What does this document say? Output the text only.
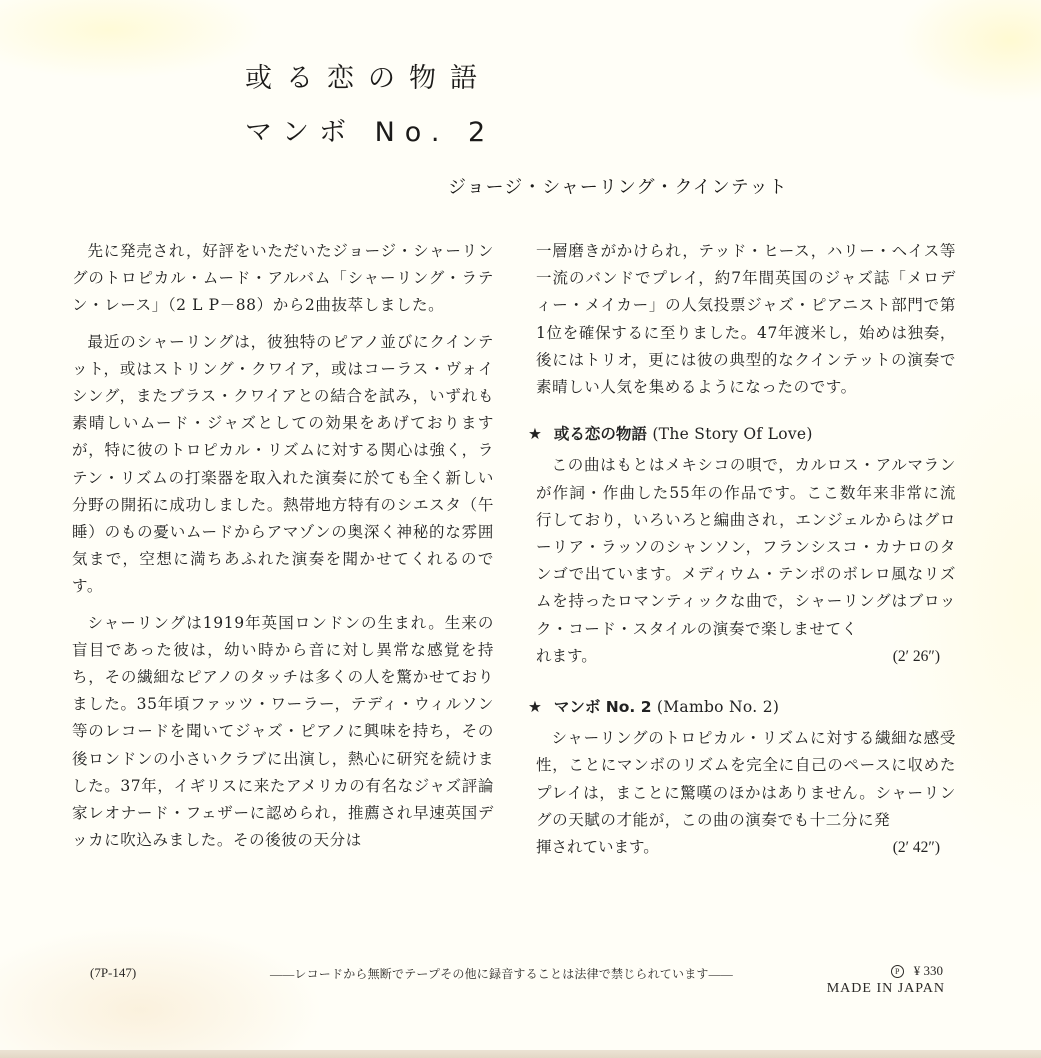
或る恋の物語
マンボ No. 2
ジョージ・シャーリング・クインテット

先に発売され，好評をいただいたジョージ・シャーリングのトロピカル・ムード・アルバム「シャーリング・ラテン・レース」（2 L P－88）から2曲抜萃しました。

最近のシャーリングは，彼独特のピアノ並びにクインテット，或はストリング・クワイア，或はコーラス・ヴォイシング，またブラス・クワイアとの結合を試み，いずれも素晴しいムード・ジャズとしての効果をあげておりますが，特に彼のトロピカル・リズムに対する関心は強く，ラテン・リズムの打楽器を取入れた演奏に於ても全く新しい分野の開拓に成功しました。熱帯地方特有のシエスタ（午睡）のもの憂いムードからアマゾンの奥深く神秘的な雰囲気まで，空想に満ちあふれた演奏を聞かせてくれるのです。

シャーリングは1919年英国ロンドンの生まれ。生来の盲目であった彼は，幼い時から音に対し異常な感覚を持ち，その繊細なピアノのタッチは多くの人を驚かせておりました。35年頃ファッツ・ワーラー，テディ・ウィルソン等のレコードを聞いてジャズ・ピアノに興味を持ち，その後ロンドンの小さいクラブに出演し，熱心に研究を続けました。37年，イギリスに来たアメリカの有名なジャズ評論家レオナード・フェザーに認められ，推薦され早速英国デッカに吹込みました。その後彼の天分は

一層磨きがかけられ，テッド・ヒース，ハリー・ヘイス等一流のバンドでプレイ，約7年間英国のジャズ誌「メロディー・メイカー」の人気投票ジャズ・ピアニスト部門で第1位を確保するに至りました。47年渡米し，始めは独奏，後にはトリオ，更には彼の典型的なクインテットの演奏で素晴しい人気を集めるようになったのです。

★ 或る恋の物語 (The Story Of Love)

この曲はもとはメキシコの唄で，カルロス・アルマランが作詞・作曲した55年の作品です。ここ数年来非常に流行しており，いろいろと編曲され，エンジェルからはグローリア・ラッソのシャンソン，フランシスコ・カナロのタンゴで出ています。メディウム・テンポのボレロ風なリズムを持ったロマンティックな曲で，シャーリングはブロック・コード・スタイルの演奏で楽しませてく

れます。	(2′ 26″)
★ マンボ No. 2 (Mambo No. 2)

シャーリングのトロピカル・リズムに対する繊細な感受性，ことにマンボのリズムを完全に自己のペースに収めたプレイは，まことに驚嘆のほかはありません。シャーリングの天賦の才能が，この曲の演奏でも十二分に発

揮されています。	(2′ 42″)
(7P-147)	――レコードから無断でテープその他に録音することは法律で禁じられています――	P ¥ 330
MADE IN JAPAN
